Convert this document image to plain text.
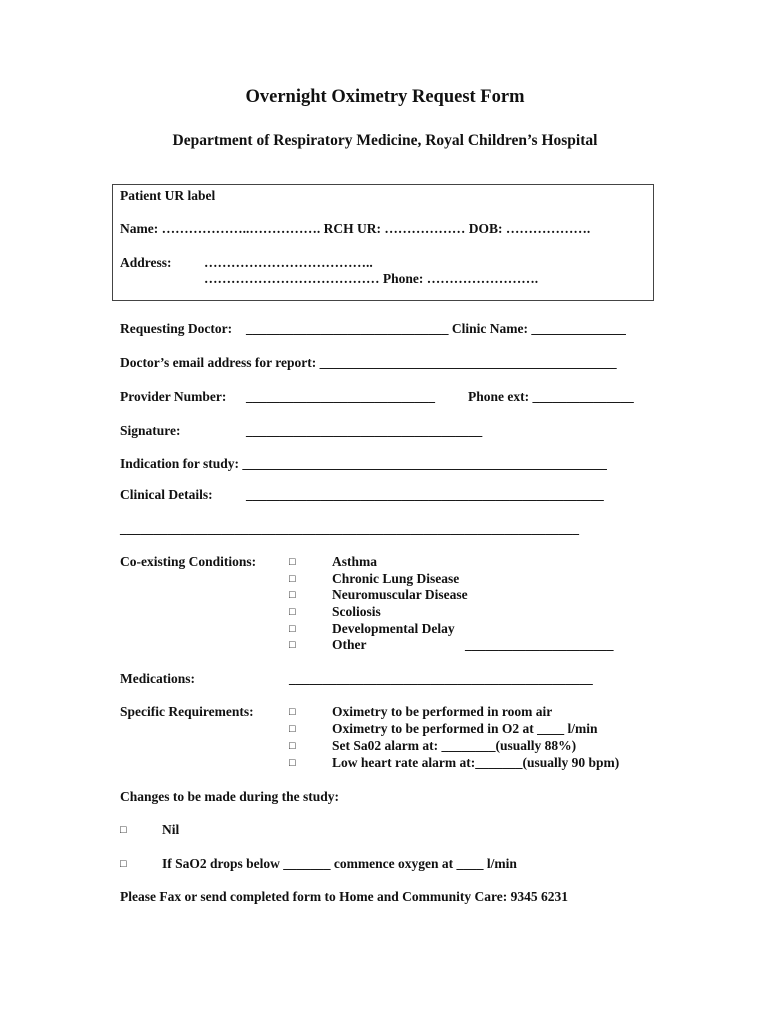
Overnight Oximetry Request Form
Department of Respiratory Medicine, Royal Children’s Hospital
Patient UR label
Name: ………………..……………. RCH UR: ……………… DOB: ……………….
Address: ………………………………..
………………………………… Phone: …………………….
Requesting Doctor: ______________________________ Clinic Name: ______________
Doctor’s email address for report: ____________________________________________
Provider Number: ____________________________ Phone ext: _______________
Signature:	___________________________________
Indication for study: ______________________________________________________
Clinical Details: _____________________________________________________
____________________________________________________________________
Co-existing Conditions:	□	Asthma
□	Chronic Lung Disease
□	Neuromuscular Disease
□	Scoliosis
□	Developmental Delay
□	Other	______________________
Medications:	_____________________________________________
Specific Requirements:	□	Oximetry to be performed in room air
□	Oximetry to be performed in O2 at ____ l/min
□	Set Sa02 alarm at: ________(usually 88%)
□	Low heart rate alarm at:_______(usually 90 bpm)
Changes to be made during the study:
□	Nil
□	If SaO2 drops below _______ commence oxygen at ____ l/min
Please Fax or send completed form to Home and Community Care: 9345 6231
